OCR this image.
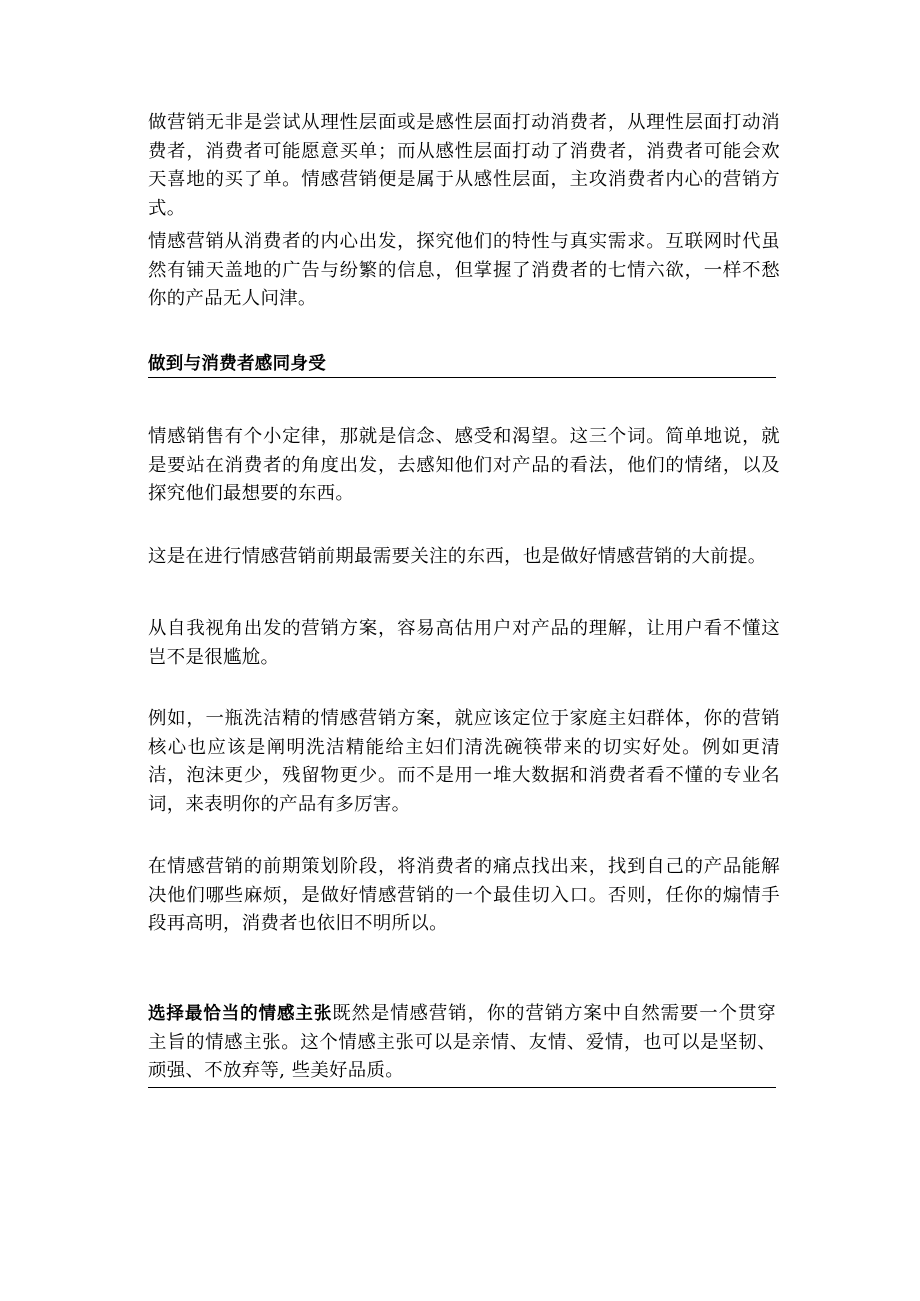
做营销无非是尝试从理性层面或是感性层面打动消费者，从理性层面打动消费者，消费者可能愿意买单；而从感性层面打动了消费者，消费者可能会欢天喜地的买了单。情感营销便是属于从感性层面，主攻消费者内心的营销方式。

情感营销从消费者的内心出发，探究他们的特性与真实需求。互联网时代虽然有铺天盖地的广告与纷繁的信息，但掌握了消费者的七情六欲，一样不愁你的产品无人问津。

做到与消费者感同身受

情感销售有个小定律，那就是信念、感受和渴望。这三个词。简单地说，就是要站在消费者的角度出发，去感知他们对产品的看法，他们的情绪，以及探究他们最想要的东西。

这是在进行情感营销前期最需要关注的东西，也是做好情感营销的大前提。

从自我视角出发的营销方案，容易高估用户对产品的理解，让用户看不懂这岂不是很尴尬。

例如，一瓶洗洁精的情感营销方案，就应该定位于家庭主妇群体，你的营销核心也应该是阐明洗洁精能给主妇们清洗碗筷带来的切实好处。例如更清洁，泡沫更少，残留物更少。而不是用一堆大数据和消费者看不懂的专业名词，来表明你的产品有多厉害。

在情感营销的前期策划阶段，将消费者的痛点找出来，找到自己的产品能解决他们哪些麻烦，是做好情感营销的一个最佳切入口。否则，任你的煽情手段再高明，消费者也依旧不明所以。

选择最恰当的情感主张既然是情感营销，你的营销方案中自然需要一个贯穿主旨的情感主张。这个情感主张可以是亲情、友情、爱情，也可以是坚韧、顽强、不放弃等, 些美好品质。
